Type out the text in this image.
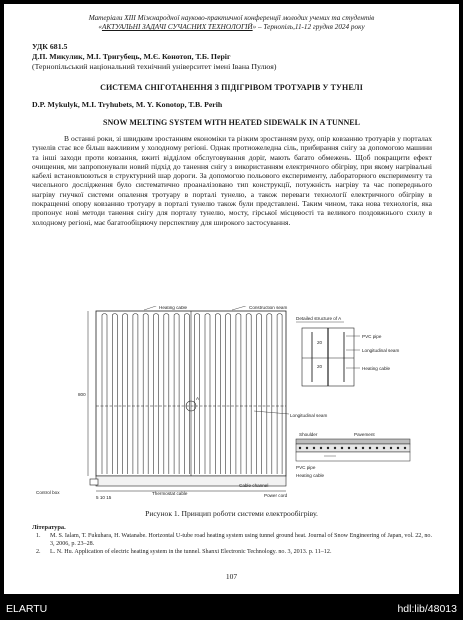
Матеріали XIII Міжнародної науково-практичної конференції молодих учених та студентів
«АКТУАЛЬНІ ЗАДАЧІ СУЧАСНИХ ТЕХНОЛОГІЙ» – Тернопіль,11-12 грудня 2024 року
УДК 681.5
Д.П. Микулик, М.І. Тригубець, М.Є. Конотоп, Т.Б. Періг
(Тернопільський національний технічний університет імені Івана Пулюя)
СИСТЕМА СНІГОТАНЕННЯ З ПІДІГРІВОМ ТРОТУАРІВ У ТУНЕЛІ
D.P. Mykulyk, M.I. Tryhubets, M. Y. Konotop, T.B. Perih
SNOW MELTING SYSTEM WITH HEATED SIDEWALK IN A TUNNEL

В останні роки, зі швидким зростанням економіки та різким зростанням руху, опір ковзанню тротуарів у порталах тунелів стає все більш важливим у холодному регіоні. Однак протиожеледна сіль, прибирання снігу за допомогою машини та інші заходи проти ковзання, вжиті відділом обслуговування доріг, мають багато обмежень. Щоб покращити ефект очищення, ми запропонували новий підхід до танення снігу з використанням електричного обігріву, при якому нагрівальні кабелі встановлюються в структурний шар дороги. За допомогою польового експерименту, лабораторного експерименту та чисельного дослідження було систематично проаналізовано тип конструкції, потужність нагріву та час попереднього нагріву гнучкої системи опалення тротуару в порталі тунелю, а також переваги технології електричного обігріву в покращенні опору ковзанню тротуару в порталі тунелю також були представлені. Таким чином, така нова технологія, яка пропонує нові методи танення снігу для порталу тунелю, мосту, гірської місцевості та великого поздовжнього схилу в холодному регіоні, має багатообіцяючу перспективу для широкого застосування.

A
800
Control box
5 10 15
Thermostat cable
Cable channel
Power cord
Heating cable	Construction seam
Longitudinal seam
Detailed structure of A
20
20
PVC pipe
Longitudinal seam
Heating cable
Shoulder	Pavement
PVC pipe
Heating cable
Рисунок 1. Принцип роботи системи електрообігріву.
Література.
1. M. S. Ialam, T. Fukuhara, H. Watanabe. Horizontal U-tube road heating system using tunnel ground heat. Journal of Snow Engineering of Japan, vol. 22, no. 3, 2006, p. 23–28.
2. L. N. Hu. Application of electric heating system in the tunnel. Shanxi Electronic Technology. no. 3, 2013. p. 11–12.
107
ELARTU	hdl:lib/48013
